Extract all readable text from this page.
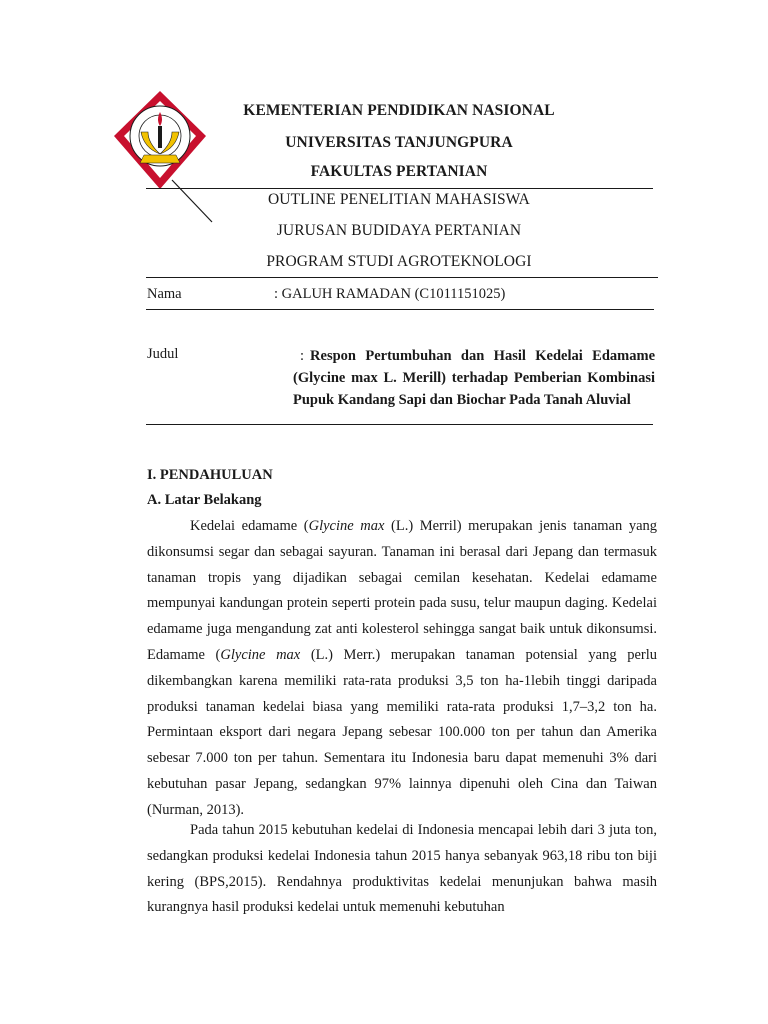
KEMENTERIAN PENDIDIKAN NASIONAL
UNIVERSITAS TANJUNGPURA
FAKULTAS PERTANIAN
OUTLINE PENELITIAN MAHASISWA
JURUSAN BUDIDAYA PERTANIAN
PROGRAM STUDI AGROTEKNOLOGI
Nama	: GALUH RAMADAN (C1011151025)
Judul	: Respon Pertumbuhan dan Hasil Kedelai Edamame (Glycine max L. Merill) terhadap Pemberian Kombinasi Pupuk Kandang Sapi dan Biochar Pada Tanah Aluvial
I. PENDAHULUAN
A. Latar Belakang

Kedelai edamame (Glycine max (L.) Merril) merupakan jenis tanaman yang dikonsumsi segar dan sebagai sayuran. Tanaman ini berasal dari Jepang dan termasuk tanaman tropis yang dijadikan sebagai cemilan kesehatan. Kedelai edamame mempunyai kandungan protein seperti protein pada susu, telur maupun daging. Kedelai edamame juga mengandung zat anti kolesterol sehingga sangat baik untuk dikonsumsi. Edamame (Glycine max (L.) Merr.) merupakan tanaman potensial yang perlu dikembangkan karena memiliki rata-rata produksi 3,5 ton ha-1lebih tinggi daripada produksi tanaman kedelai biasa yang memiliki rata-rata produksi 1,7–3,2 ton ha. Permintaan eksport dari negara Jepang sebesar 100.000 ton per tahun dan Amerika sebesar 7.000 ton per tahun. Sementara itu Indonesia baru dapat memenuhi 3% dari kebutuhan pasar Jepang, sedangkan 97% lainnya dipenuhi oleh Cina dan Taiwan (Nurman, 2013).

Pada tahun 2015 kebutuhan kedelai di Indonesia mencapai lebih dari 3 juta ton, sedangkan produksi kedelai Indonesia tahun 2015 hanya sebanyak 963,18 ribu ton biji kering (BPS,2015). Rendahnya produktivitas kedelai menunjukan bahwa masih kurangnya hasil produksi kedelai untuk memenuhi kebutuhan
